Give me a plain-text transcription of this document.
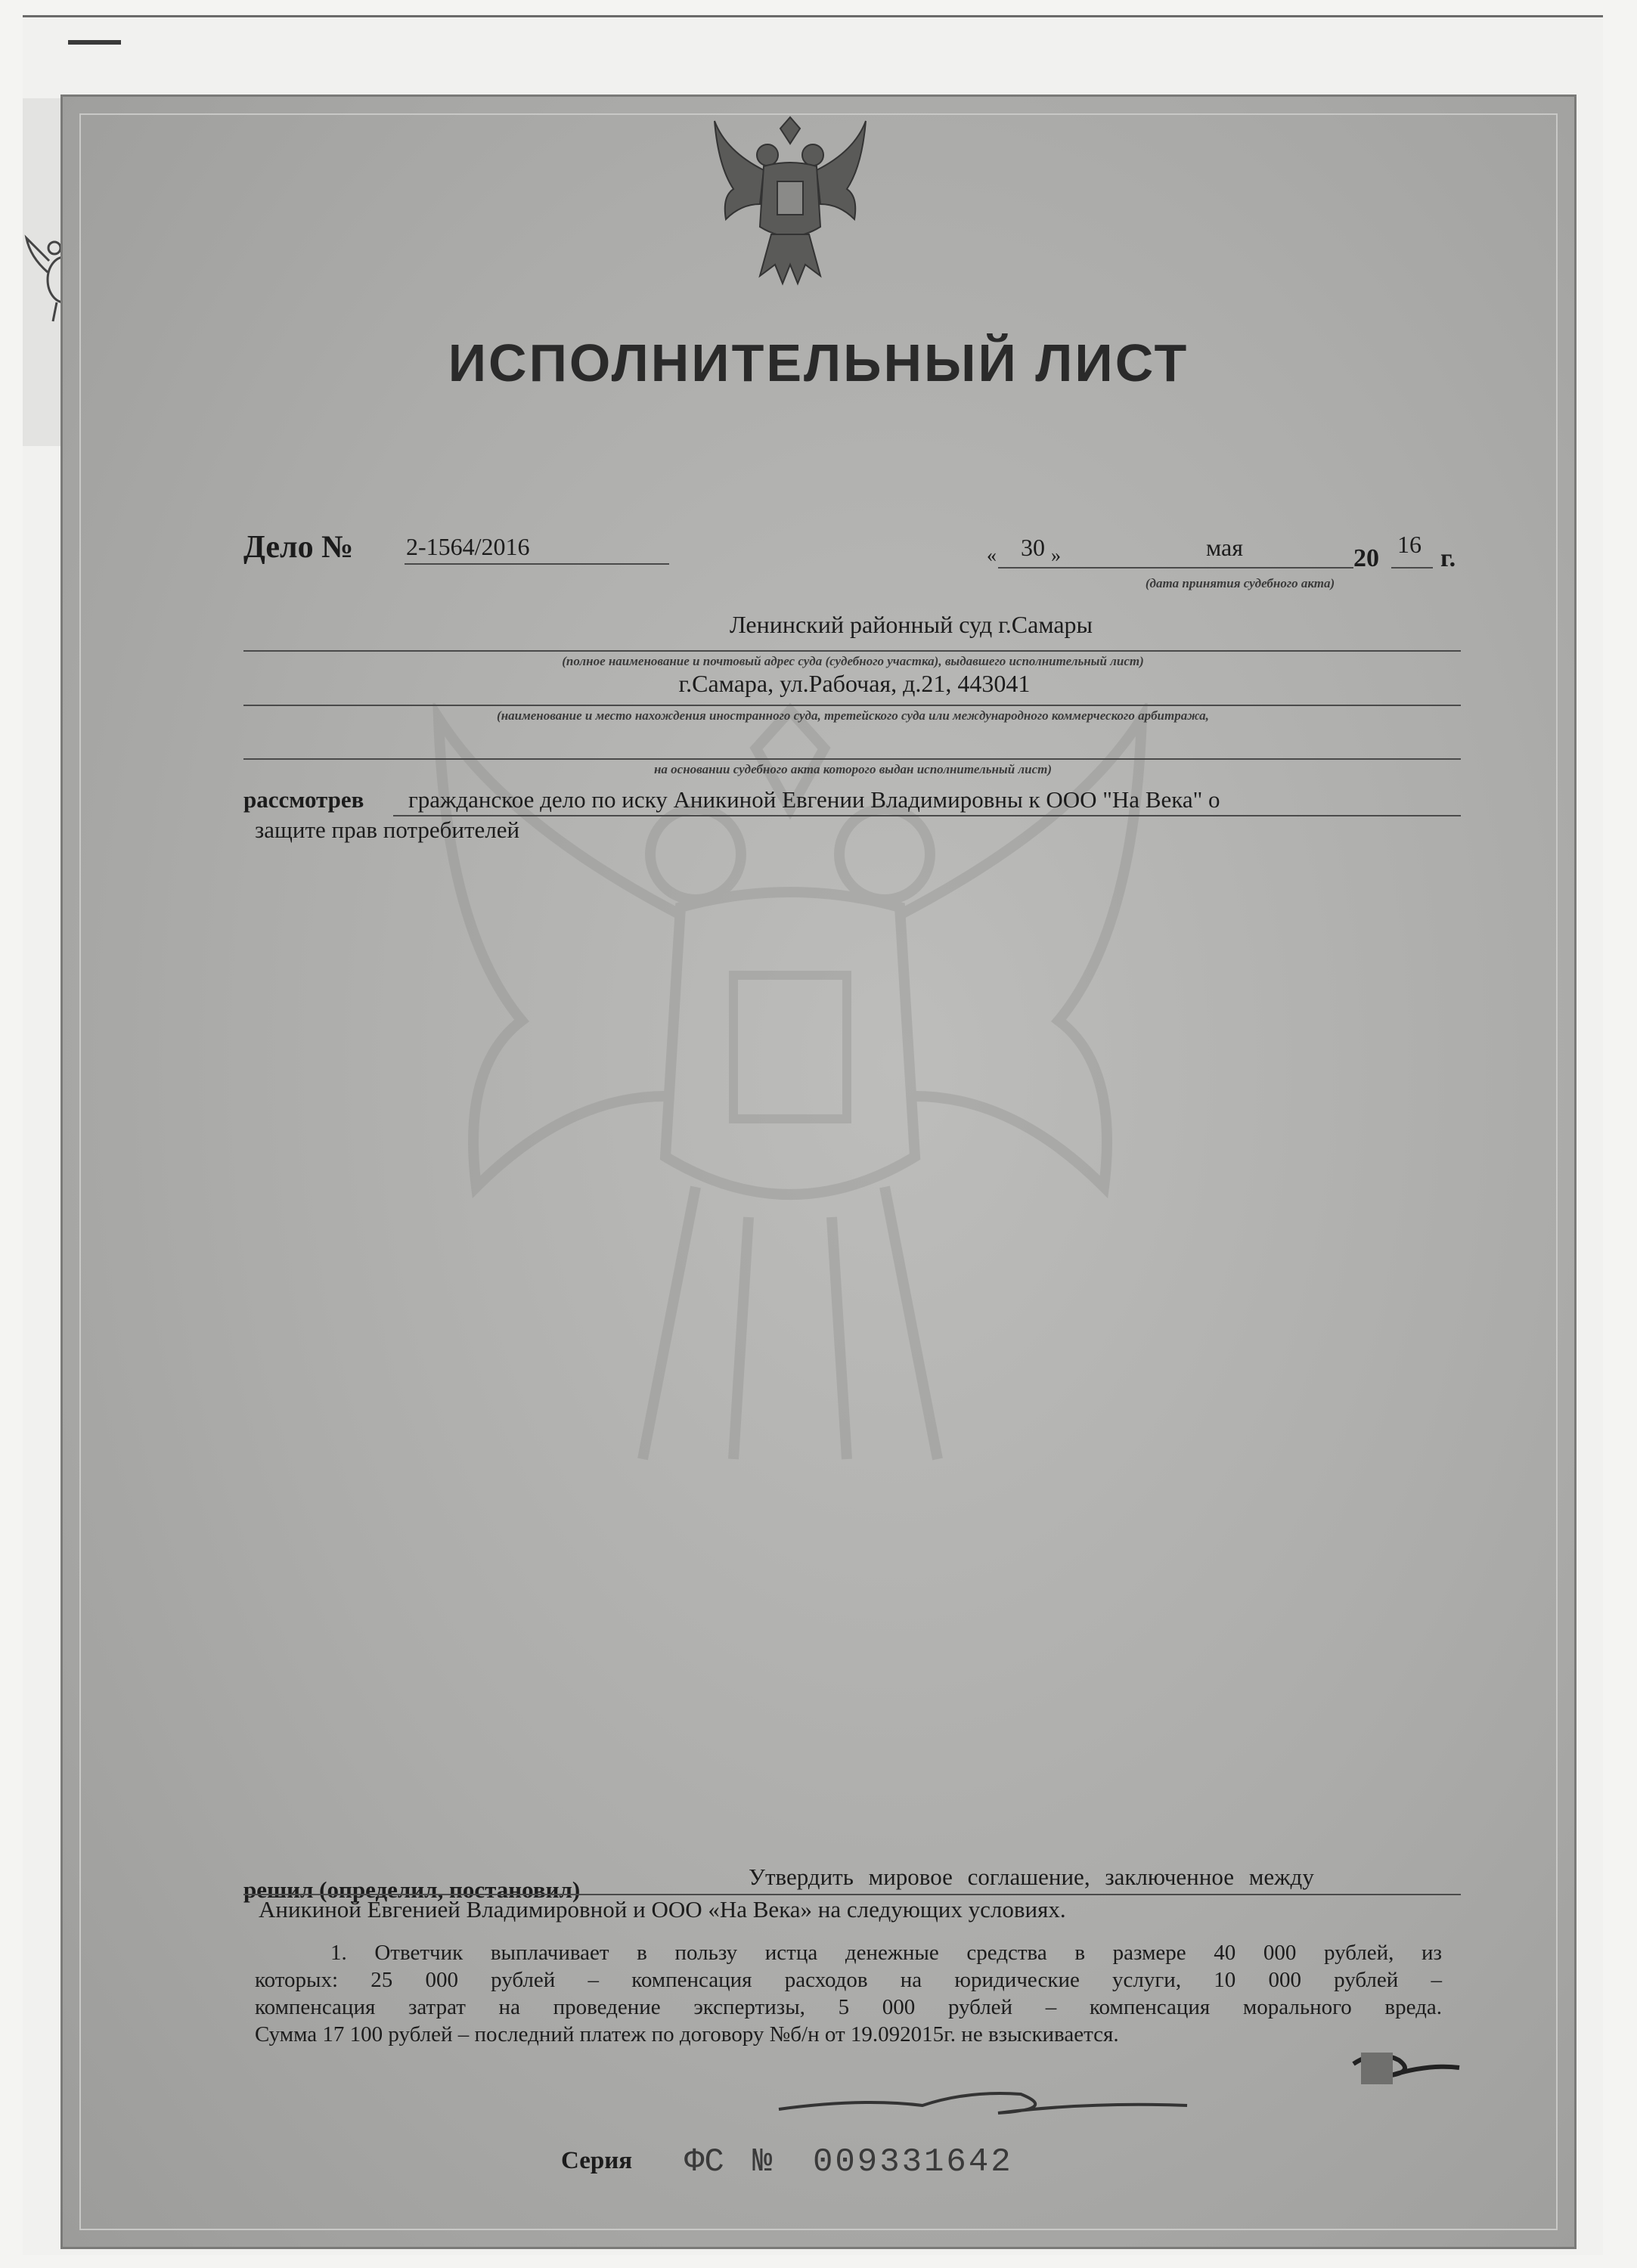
ИСПОЛНИТЕЛЬНЫЙ ЛИСТ
Дело № 2-1564/2016	« 30 »	мая	20 16 г.
(дата принятия судебного акта)
Ленинский районный суд г.Самары
(полное наименование и почтовый адрес суда (судебного участка), выдавшего исполнительный лист)
г.Самара, ул.Рабочая, д.21, 443041
(наименование и место нахождения иностранного суда, третейского суда или международного коммерческого арбитража,
на основании судебного акта которого выдан исполнительный лист)
рассмотрев гражданское дело по иску Аникиной Евгении Владимировны к ООО "На Века" о
защите прав потребителей
решил (определил, постановил)	Утвердить мировое соглашение, заключенное между
Аникиной Евгенией Владимировной и ООО «На Века» на следующих условиях.
1. Ответчик выплачивает в пользу истца денежные средства в размере 40 000 рублей, из
которых: 25 000 рублей – компенсация расходов на юридические услуги, 10 000 рублей –
компенсация затрат на проведение экспертизы, 5 000 рублей – компенсация морального вреда.
Сумма 17 100 рублей – последний платеж по договору №б/н от 19.092015г. не взыскивается.
Серия ФС № 009331642
